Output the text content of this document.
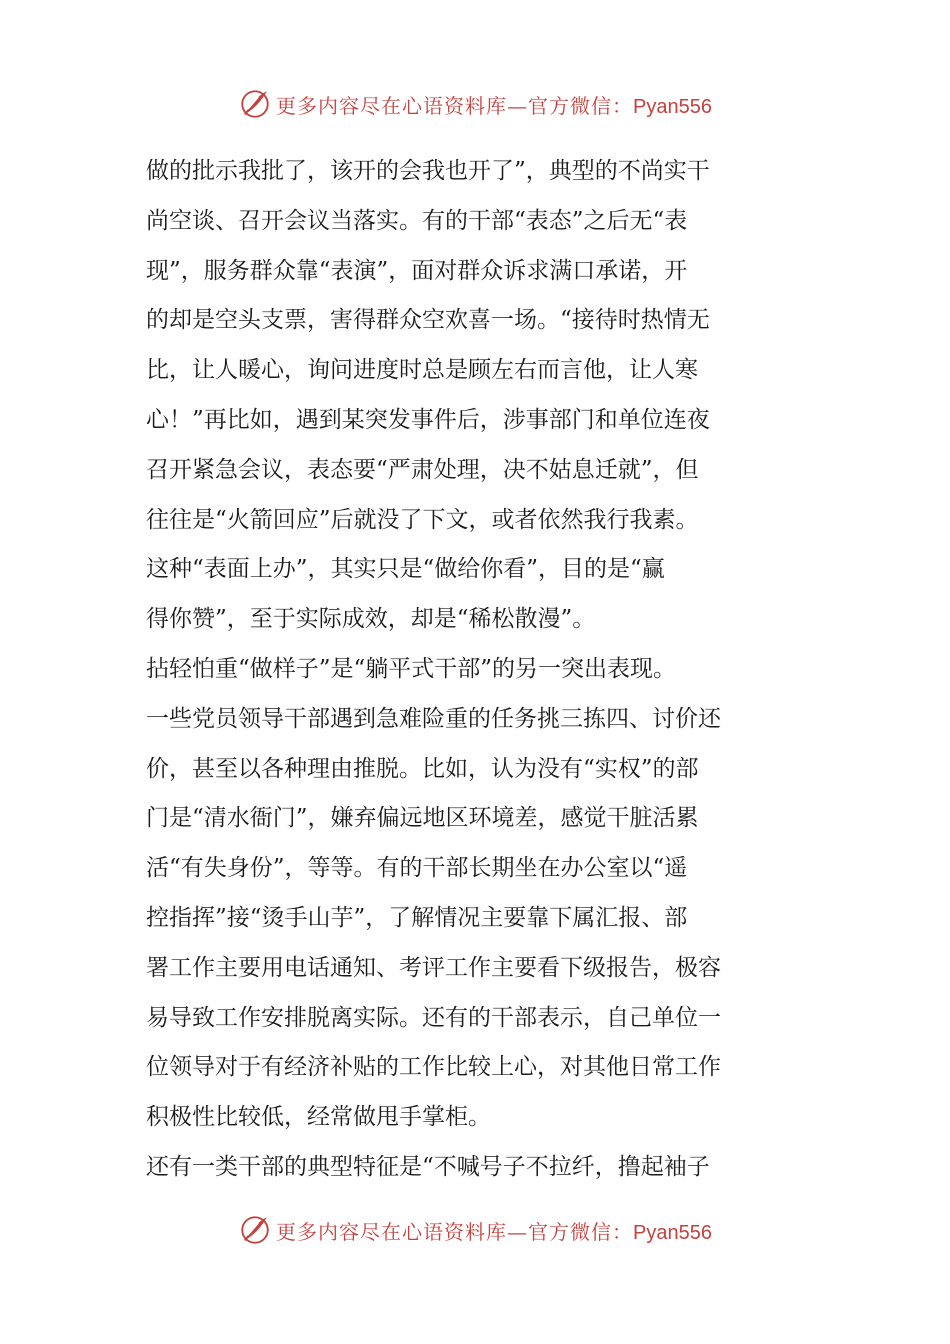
更多内容尽在心语资料库—官方微信：Pyan556
做的批示我批了，该开的会我也开了”，典型的不尚实干
尚空谈、召开会议当落实。有的干部“表态”之后无“表
现”，服务群众靠“表演”，面对群众诉求满口承诺，开
的却是空头支票，害得群众空欢喜一场。“接待时热情无
比，让人暖心，询问进度时总是顾左右而言他，让人寒
心！”再比如，遇到某突发事件后，涉事部门和单位连夜
召开紧急会议，表态要“严肃处理，决不姑息迁就”，但
往往是“火箭回应”后就没了下文，或者依然我行我素。
这种“表面上办”，其实只是“做给你看”，目的是“赢
得你赞”，至于实际成效，却是“稀松散漫”。
拈轻怕重“做样子”是“躺平式干部”的另一突出表现。
一些党员领导干部遇到急难险重的任务挑三拣四、讨价还
价，甚至以各种理由推脱。比如，认为没有“实权”的部
门是“清水衙门”，嫌弃偏远地区环境差，感觉干脏活累
活“有失身份”，等等。有的干部长期坐在办公室以“遥
控指挥”接“烫手山芋”，了解情况主要靠下属汇报、部
署工作主要用电话通知、考评工作主要看下级报告，极容
易导致工作安排脱离实际。还有的干部表示，自己单位一
位领导对于有经济补贴的工作比较上心，对其他日常工作
积极性比较低，经常做甩手掌柜。
还有一类干部的典型特征是“不喊号子不拉纤，撸起袖子
更多内容尽在心语资料库—官方微信：Pyan556
